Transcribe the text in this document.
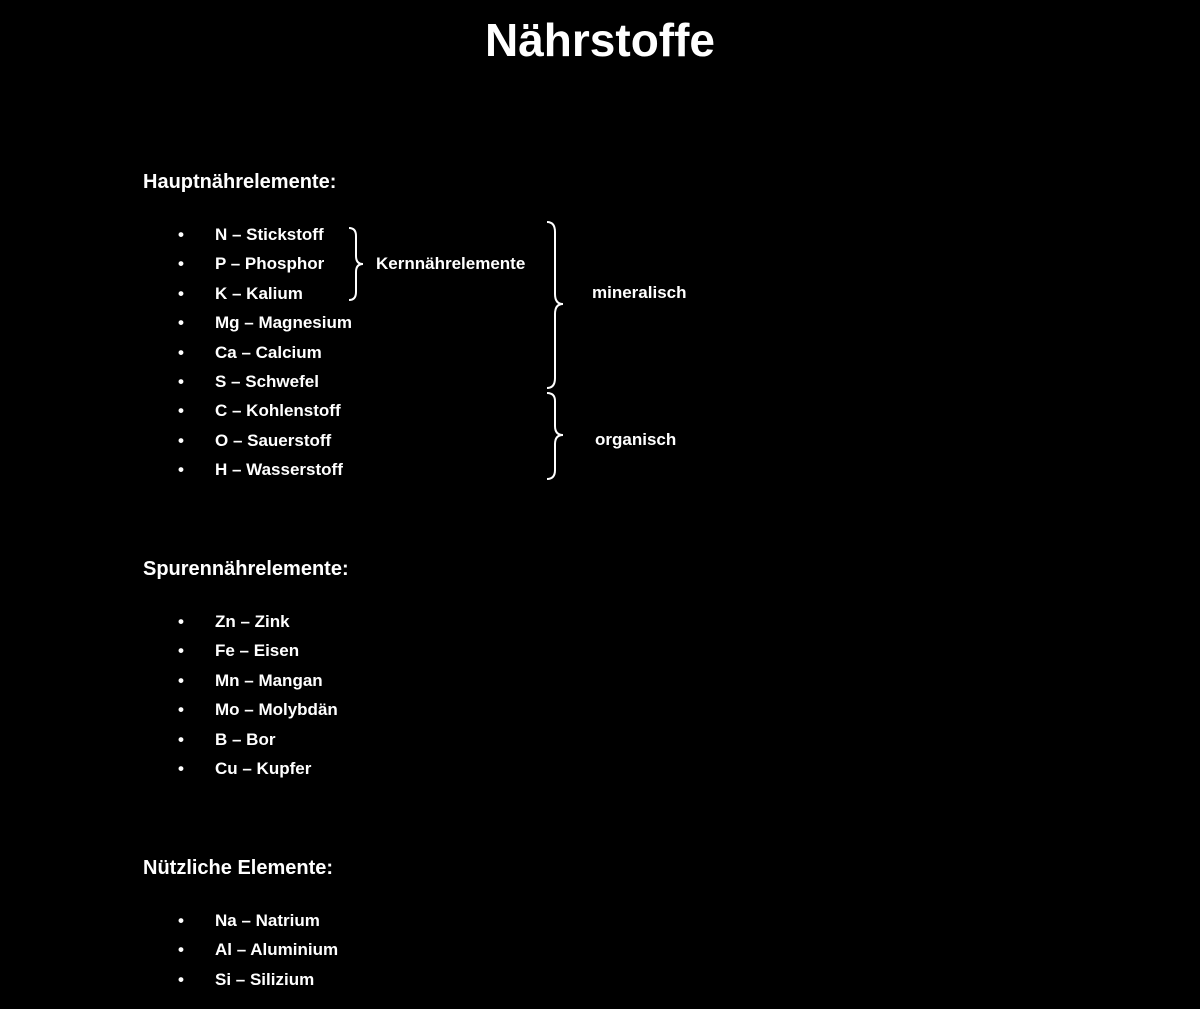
Nährstoffe
Hauptnährelemente:
• N – Stickstoff
• P – Phosphor
• K – Kalium
• Mg – Magnesium
• Ca – Calcium
• S – Schwefel
• C – Kohlenstoff
• O – Sauerstoff
• H – Wasserstoff
Kernnährelemente
mineralisch
organisch
Spurennährelemente:
• Zn – Zink
• Fe – Eisen
• Mn – Mangan
• Mo – Molybdän
• B – Bor
• Cu – Kupfer
Nützliche Elemente:
• Na – Natrium
• Al – Aluminium
• Si – Silizium
